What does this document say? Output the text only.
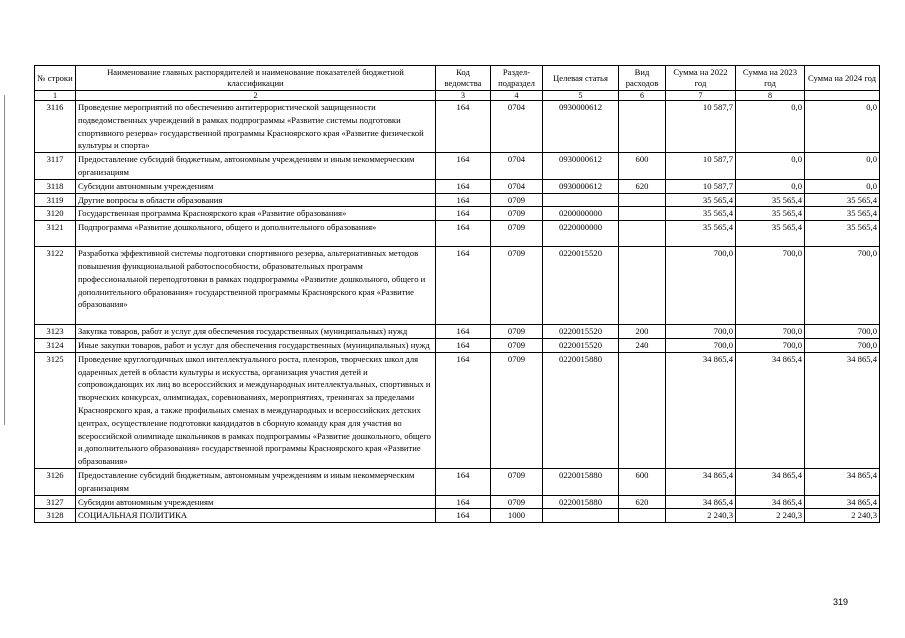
№ строки	Наименование главных распорядителей и наименование показателей бюджетной классификации	Код ведомства	Раздел-подраздел	Целевая статья	Вид расходов	Сумма на 2022 год	Сумма на 2023 год	Сумма на 2024 год
1	2	3	4	5	6	7	8	
3116	Проведение мероприятий по обеспечению антитеррористической защищенности подведомственных учреждений в рамках подпрограммы «Развитие системы подготовки спортивного резерва» государственной программы Красноярского края «Развитие физической культуры и спорта»	164	0704	0930000612		10 587,7	0,0	0,0
3117	Предоставление субсидий бюджетным, автономным учреждениям и иным некоммерческим организациям	164	0704	0930000612	600	10 587,7	0,0	0,0
3118	Субсидии автономным учреждениям	164	0704	0930000612	620	10 587,7	0,0	0,0
3119	Другие вопросы в области образования	164	0709			35 565,4	35 565,4	35 565,4
3120	Государственная программа Красноярского края «Развитие образования»	164	0709	0200000000		35 565,4	35 565,4	35 565,4
3121	Подпрограмма «Развитие дошкольного, общего и дополнительного образования»	164	0709	0220000000		35 565,4	35 565,4	35 565,4
3122	Разработка эффективной системы подготовки спортивного резерва, альтернативных методов повышения функциональной работоспособности, образовательных программ профессиональной переподготовки в рамках подпрограммы «Развитие дошкольного, общего и дополнительного образования» государственной программы Красноярского края «Развитие образования»	164	0709	0220015520		700,0	700,0	700,0
3123	Закупка товаров, работ и услуг для обеспечения государственных (муниципальных) нужд	164	0709	0220015520	200	700,0	700,0	700,0
3124	Иные закупки товаров, работ и услуг для обеспечения государственных (муниципальных) нужд	164	0709	0220015520	240	700,0	700,0	700,0
3125	Проведение круглогодичных школ интеллектуального роста, пленэров, творческих школ для одаренных детей в области культуры и искусства, организация участия детей и сопровождающих их лиц во всероссийских и международных интеллектуальных, спортивных и творческих конкурсах, олимпиадах, соревнованиях, мероприятиях, тренингах за пределами Красноярского края, а также профильных сменах в международных и всероссийских детских центрах, осуществление подготовки кандидатов в сборную команду края для участия во всероссийской олимпиаде школьников в рамках подпрограммы «Развитие дошкольного, общего и дополнительного образования» государственной программы Красноярского края «Развитие образования»	164	0709	0220015880		34 865,4	34 865,4	34 865,4
3126	Предоставление субсидий бюджетным, автономным учреждениям и иным некоммерческим организациям	164	0709	0220015880	600	34 865,4	34 865,4	34 865,4
3127	Субсидии автономным учреждениям	164	0709	0220015880	620	34 865,4	34 865,4	34 865,4
3128	СОЦИАЛЬНАЯ ПОЛИТИКА	164	1000			2 240,3	2 240,3	2 240,3
319
